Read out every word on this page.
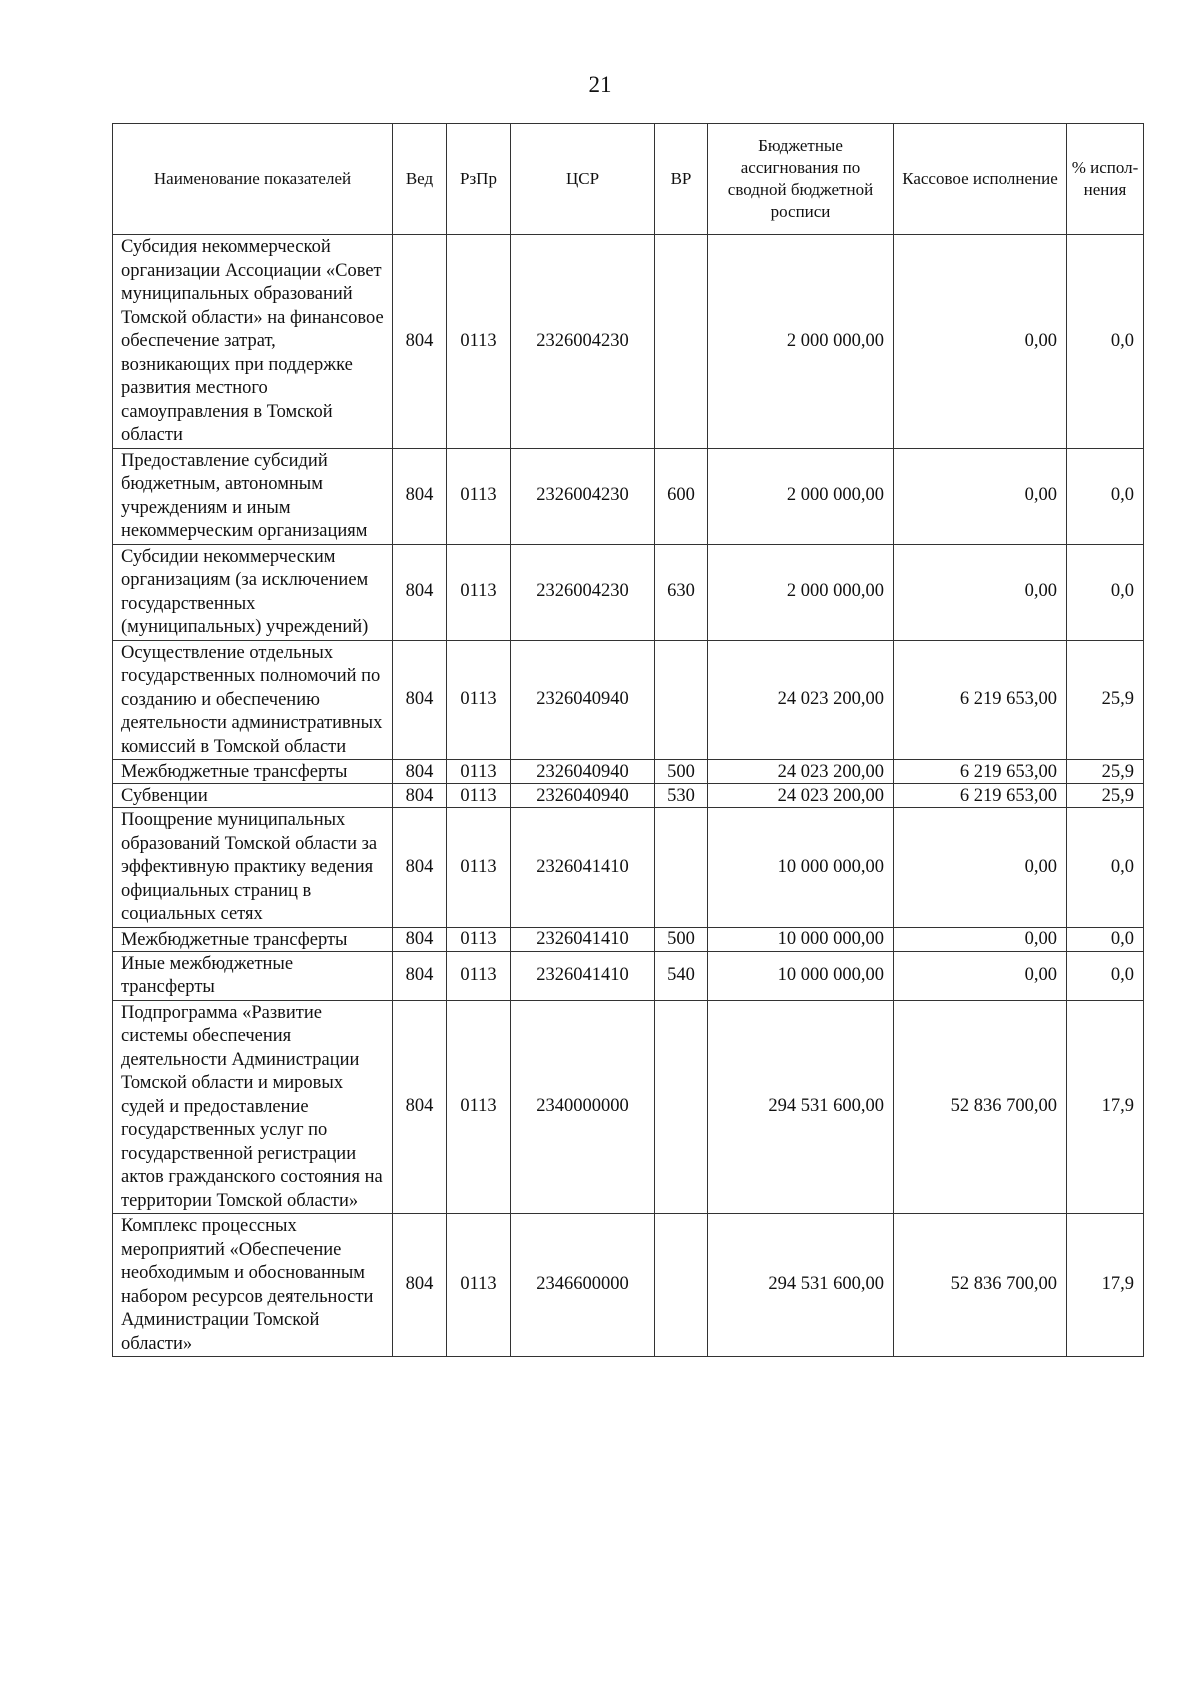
21
Наименование показателей	Вед	РзПр	ЦСР	ВР	Бюджетные ассигнования по сводной бюджетной росписи	Кассовое исполнение	% испол-нения
Субсидия некоммерческой организации Ассоциации «Совет муниципальных образований Томской области» на финансовое обеспечение затрат, возникающих при поддержке развития местного самоуправления в Томской области	804	0113	2326004230		2 000 000,00	0,00	0,0
Предоставление субсидий бюджетным, автономным учреждениям и иным некоммерческим организациям	804	0113	2326004230	600	2 000 000,00	0,00	0,0
Субсидии некоммерческим организациям (за исключением государственных (муниципальных) учреждений)	804	0113	2326004230	630	2 000 000,00	0,00	0,0
Осуществление отдельных государственных полномочий по созданию и обеспечению деятельности административных комиссий в Томской области	804	0113	2326040940		24 023 200,00	6 219 653,00	25,9
Межбюджетные трансферты	804	0113	2326040940	500	24 023 200,00	6 219 653,00	25,9
Субвенции	804	0113	2326040940	530	24 023 200,00	6 219 653,00	25,9
Поощрение муниципальных образований Томской области за эффективную практику ведения официальных страниц в социальных сетях	804	0113	2326041410		10 000 000,00	0,00	0,0
Межбюджетные трансферты	804	0113	2326041410	500	10 000 000,00	0,00	0,0
Иные межбюджетные трансферты	804	0113	2326041410	540	10 000 000,00	0,00	0,0
Подпрограмма «Развитие системы обеспечения деятельности Администрации Томской области и мировых судей и предоставление государственных услуг по государственной регистрации актов гражданского состояния на территории Томской области»	804	0113	2340000000		294 531 600,00	52 836 700,00	17,9
Комплекс процессных мероприятий «Обеспечение необходимым и обоснованным набором ресурсов деятельности Администрации Томской области»	804	0113	2346600000		294 531 600,00	52 836 700,00	17,9
